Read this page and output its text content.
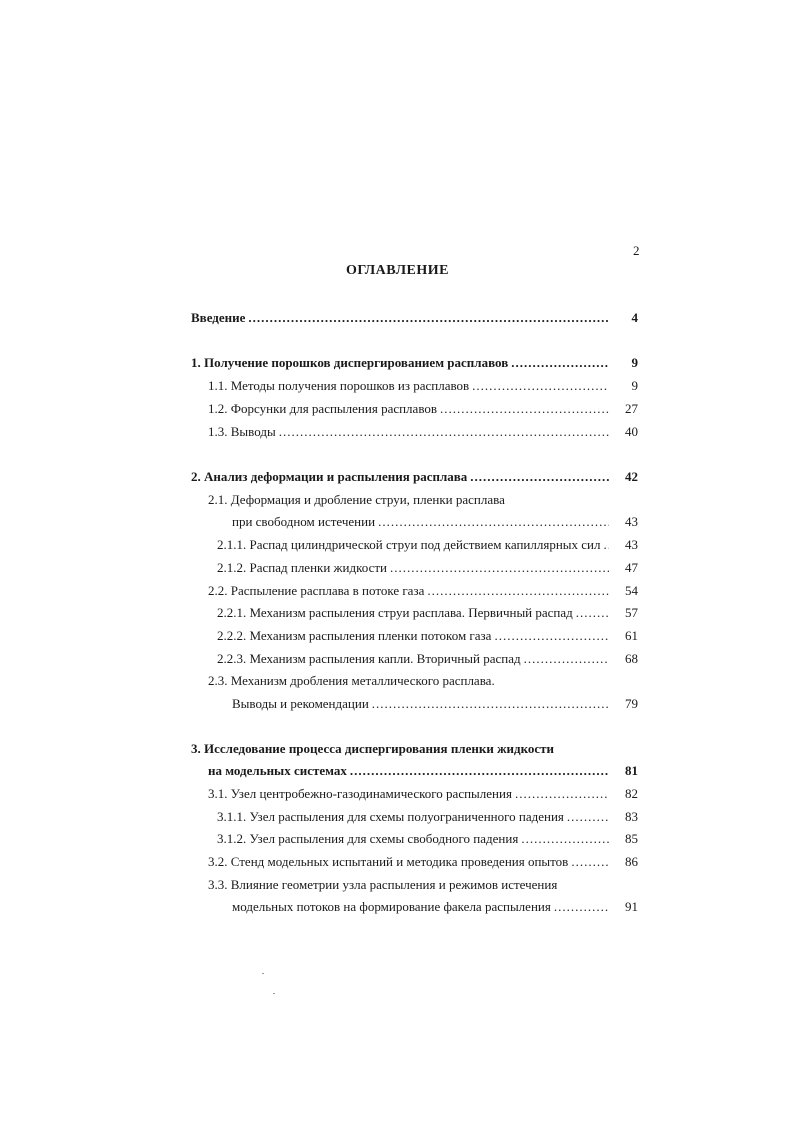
2
ОГЛАВЛЕНИЕ
Введение .....	4
1. Получение порошков диспергированием расплавов .....	9
1.1. Методы получения порошков из расплавов .....	9
1.2. Форсунки для распыления расплавов .....	27
1.3. Выводы .....	40
2. Анализ деформации и распыления расплава .....	42
2.1. Деформация и дробление струи, пленки расплава
при свободном истечении .....	43
2.1.1. Распад цилиндрической струи под действием капиллярных сил .....	43
2.1.2. Распад пленки жидкости .....	47
2.2. Распыление расплава в потоке газа .....	54
2.2.1. Механизм распыления струи расплава. Первичный распад .....	57
2.2.2. Механизм распыления пленки потоком газа .....	61
2.2.3. Механизм распыления капли. Вторичный распад .....	68
2.3. Механизм дробления металлического расплава.
Выводы и рекомендации .....	79
3. Исследование процесса диспергирования пленки жидкости
на модельных системах .....	81
3.1. Узел центробежно-газодинамического распыления .....	82
3.1.1. Узел распыления для схемы полуограниченного падения .....	83
3.1.2. Узел распыления для схемы свободного падения .....	85
3.2. Стенд модельных испытаний и методика проведения опытов .....	86
3.3. Влияние геометрии узла распыления и режимов истечения
модельных потоков на формирование факела распыления .....	91
